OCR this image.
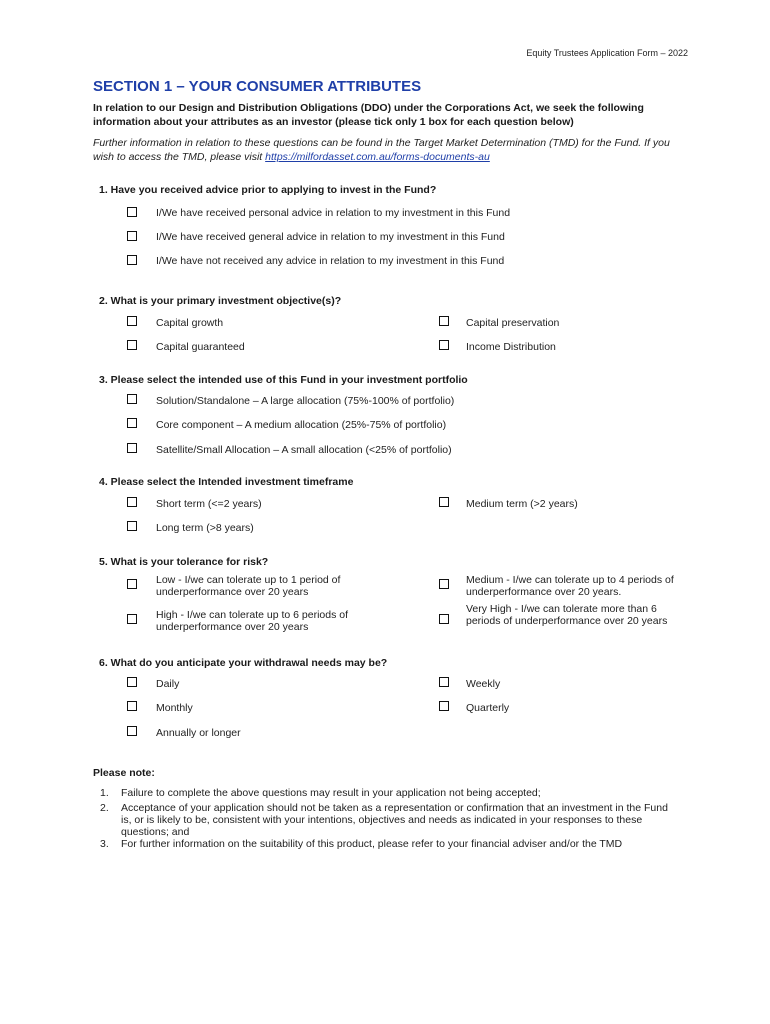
Equity Trustees Application Form – 2022
SECTION 1 – YOUR CONSUMER ATTRIBUTES
In relation to our Design and Distribution Obligations (DDO) under the Corporations Act, we seek the following information about your attributes as an investor (please tick only 1 box for each question below)
Further information in relation to these questions can be found in the Target Market Determination (TMD) for the Fund. If you wish to access the TMD, please visit https://milfordasset.com.au/forms-documents-au
1. Have you received advice prior to applying to invest in the Fund?
I/We have received personal advice in relation to my investment in this Fund
I/We have received general advice in relation to my investment in this Fund
I/We have not received any advice in relation to my investment in this Fund
2. What is your primary investment objective(s)?
Capital growth	Capital preservation
Capital guaranteed	Income Distribution
3. Please select the intended use of this Fund in your investment portfolio
Solution/Standalone – A large allocation (75%-100% of portfolio)
Core component – A medium allocation (25%-75% of portfolio)
Satellite/Small Allocation – A small allocation (<25% of portfolio)
4. Please select the Intended investment timeframe
Short term (<=2 years)	Medium term (>2 years)
Long term (>8 years)
5. What is your tolerance for risk?
Low - I/we can tolerate up to 1 period of underperformance over 20 years
Medium - I/we can tolerate up to 4 periods of underperformance over 20 years.
High - I/we can tolerate up to 6 periods of underperformance over 20 years
Very High - I/we can tolerate more than 6 periods of underperformance over 20 years
6. What do you anticipate your withdrawal needs may be?
Daily	Weekly
Monthly	Quarterly
Annually or longer
Please note:
1.	Failure to complete the above questions may result in your application not being accepted;
2.	Acceptance of your application should not be taken as a representation or confirmation that an investment in the Fund is, or is likely to be, consistent with your intentions, objectives and needs as indicated in your responses to these questions; and
3.	For further information on the suitability of this product, please refer to your financial adviser and/or the TMD
